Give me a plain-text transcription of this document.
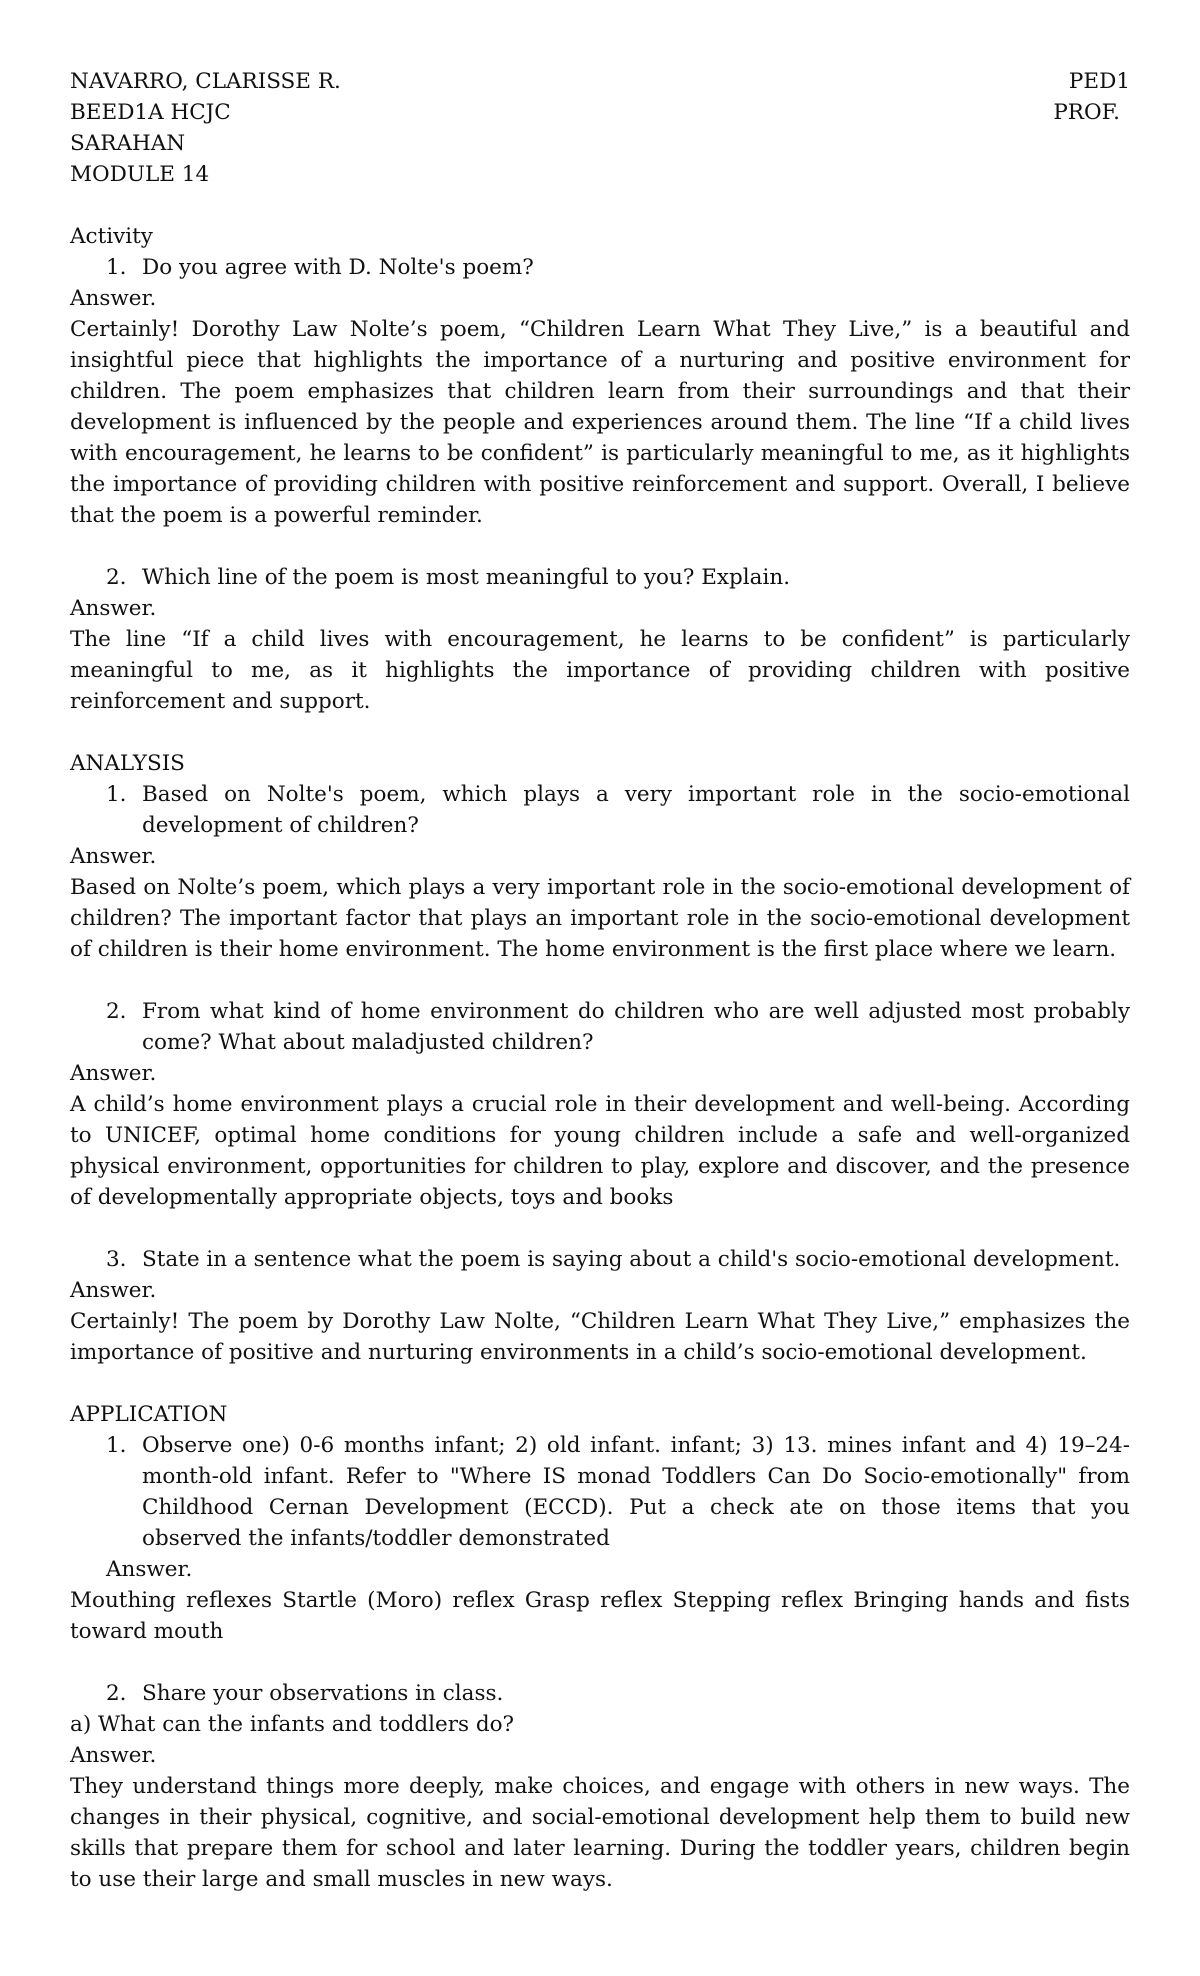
NAVARRO, CLARISSE R.	PED1
BEED1A HCJC	PROF.
SARAHAN
MODULE 14
Activity
1. Do you agree with D. Nolte's poem?
Answer.
Certainly! Dorothy Law Nolte’s poem, “Children Learn What They Live,” is a beautiful and insightful piece that highlights the importance of a nurturing and positive environment for children. The poem emphasizes that children learn from their surroundings and that their development is influenced by the people and experiences around them. The line “If a child lives with encouragement, he learns to be confident” is particularly meaningful to me, as it highlights the importance of providing children with positive reinforcement and support. Overall, I believe that the poem is a powerful reminder.
2. Which line of the poem is most meaningful to you? Explain.
Answer.
The line “If a child lives with encouragement, he learns to be confident” is particularly meaningful to me, as it highlights the importance of providing children with positive reinforcement and support.
ANALYSIS
1. Based on Nolte's poem, which plays a very important role in the socio-emotional development of children?
Answer.
Based on Nolte’s poem, which plays a very important role in the socio-emotional development of children? The important factor that plays an important role in the socio-emotional development of children is their home environment. The home environment is the first place where we learn.
2. From what kind of home environment do children who are well adjusted most probably come? What about maladjusted children?
Answer.
A child’s home environment plays a crucial role in their development and well-being. According to UNICEF, optimal home conditions for young children include a safe and well-organized physical environment, opportunities for children to play, explore and discover, and the presence of developmentally appropriate objects, toys and books
3. State in a sentence what the poem is saying about a child's socio-emotional development.
Answer.
Certainly! The poem by Dorothy Law Nolte, “Children Learn What They Live,” emphasizes the importance of positive and nurturing environments in a child’s socio-emotional development.
APPLICATION
1. Observe one) 0-6 months infant; 2) old infant. infant; 3) 13. mines infant and 4) 19–24-month-old infant. Refer to "Where IS monad Toddlers Can Do Socio-emotionally" from Childhood Cernan Development (ECCD). Put a check ate on those items that you observed the infants/toddler demonstrated
Answer.
Mouthing reflexes Startle (Moro) reflex Grasp reflex Stepping reflex Bringing hands and fists toward mouth
2. Share your observations in class.
a) What can the infants and toddlers do?
Answer.
They understand things more deeply, make choices, and engage with others in new ways. The changes in their physical, cognitive, and social-emotional development help them to build new skills that prepare them for school and later learning. During the toddler years, children begin to use their large and small muscles in new ways.
